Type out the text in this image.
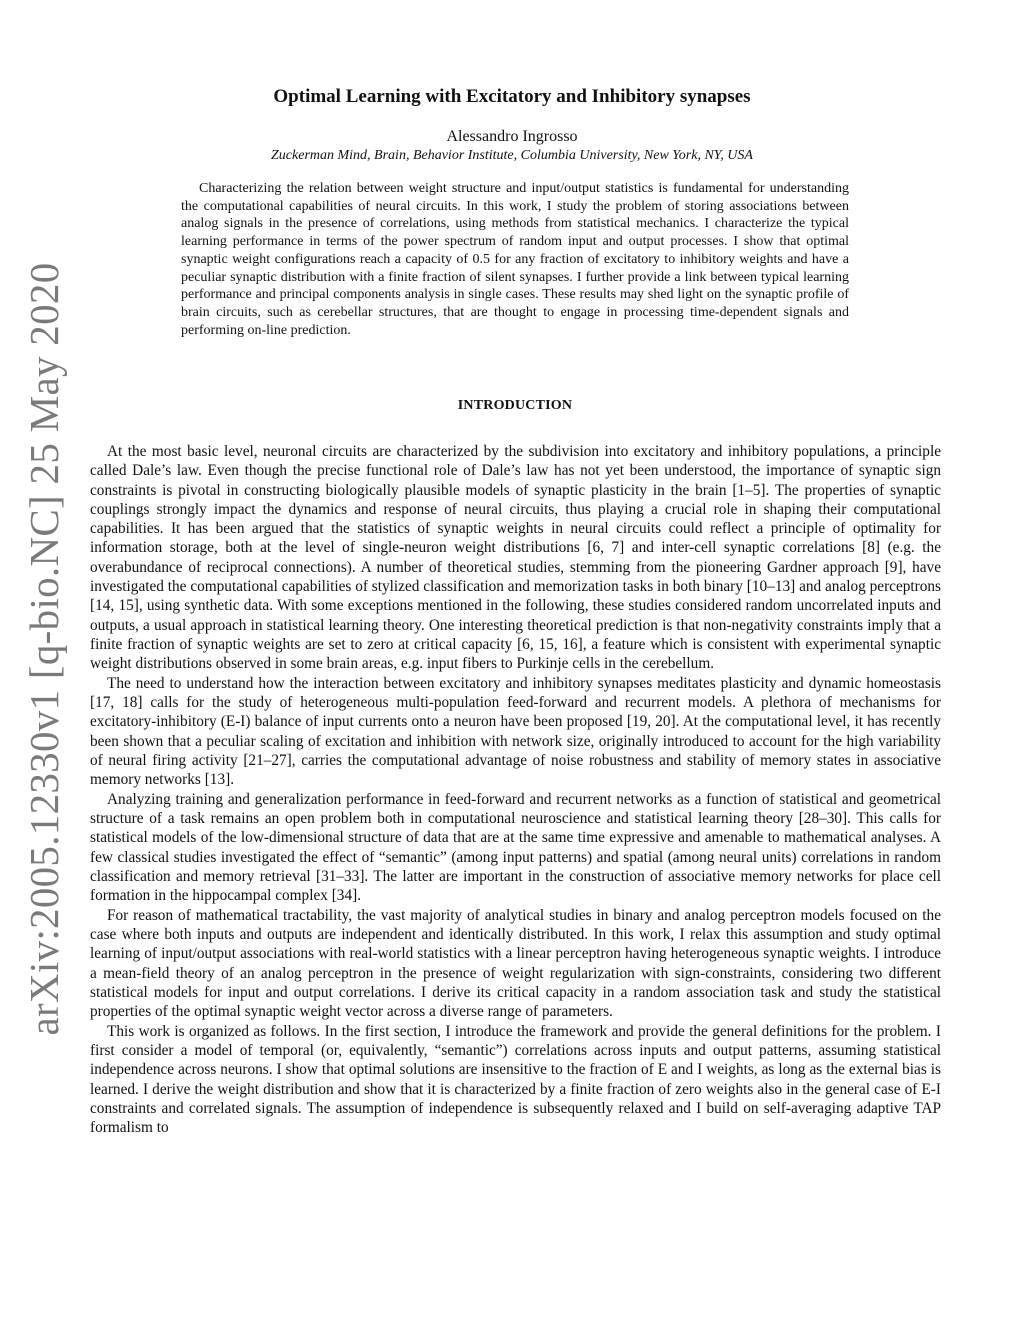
arXiv:2005.12330v1 [q-bio.NC] 25 May 2020
Optimal Learning with Excitatory and Inhibitory synapses
Alessandro Ingrosso
Zuckerman Mind, Brain, Behavior Institute, Columbia University, New York, NY, USA

Characterizing the relation between weight structure and input/output statistics is fundamental for understanding the computational capabilities of neural circuits. In this work, I study the problem of storing associations between analog signals in the presence of correlations, using methods from statistical mechanics. I characterize the typical learning performance in terms of the power spectrum of random input and output processes. I show that optimal synaptic weight configurations reach a capacity of 0.5 for any fraction of excitatory to inhibitory weights and have a peculiar synaptic distribution with a finite fraction of silent synapses. I further provide a link between typical learning performance and principal components analysis in single cases. These results may shed light on the synaptic profile of brain circuits, such as cerebellar structures, that are thought to engage in processing time-dependent signals and performing on-line prediction.

INTRODUCTION

At the most basic level, neuronal circuits are characterized by the subdivision into excitatory and inhibitory populations, a principle called Dale’s law. Even though the precise functional role of Dale’s law has not yet been understood, the importance of synaptic sign constraints is pivotal in constructing biologically plausible models of synaptic plasticity in the brain [1–5]. The properties of synaptic couplings strongly impact the dynamics and response of neural circuits, thus playing a crucial role in shaping their computational capabilities. It has been argued that the statistics of synaptic weights in neural circuits could reflect a principle of optimality for information storage, both at the level of single-neuron weight distributions [6, 7] and inter-cell synaptic correlations [8] (e.g. the overabundance of reciprocal connections). A number of theoretical studies, stemming from the pioneering Gardner approach [9], have investigated the computational capabilities of stylized classification and memorization tasks in both binary [10–13] and analog perceptrons [14, 15], using synthetic data. With some exceptions mentioned in the following, these studies considered random uncorrelated inputs and outputs, a usual approach in statistical learning theory. One interesting theoretical prediction is that non-negativity constraints imply that a finite fraction of synaptic weights are set to zero at critical capacity [6, 15, 16], a feature which is consistent with experimental synaptic weight distributions observed in some brain areas, e.g. input fibers to Purkinje cells in the cerebellum.

The need to understand how the interaction between excitatory and inhibitory synapses meditates plasticity and dynamic homeostasis [17, 18] calls for the study of heterogeneous multi-population feed-forward and recurrent models. A plethora of mechanisms for excitatory-inhibitory (E-I) balance of input currents onto a neuron have been proposed [19, 20]. At the computational level, it has recently been shown that a peculiar scaling of excitation and inhibition with network size, originally introduced to account for the high variability of neural firing activity [21–27], carries the computational advantage of noise robustness and stability of memory states in associative memory networks [13].

Analyzing training and generalization performance in feed-forward and recurrent networks as a function of statistical and geometrical structure of a task remains an open problem both in computational neuroscience and statistical learning theory [28–30]. This calls for statistical models of the low-dimensional structure of data that are at the same time expressive and amenable to mathematical analyses. A few classical studies investigated the effect of “semantic” (among input patterns) and spatial (among neural units) correlations in random classification and memory retrieval [31–33]. The latter are important in the construction of associative memory networks for place cell formation in the hippocampal complex [34].

For reason of mathematical tractability, the vast majority of analytical studies in binary and analog perceptron models focused on the case where both inputs and outputs are independent and identically distributed. In this work, I relax this assumption and study optimal learning of input/output associations with real-world statistics with a linear perceptron having heterogeneous synaptic weights. I introduce a mean-field theory of an analog perceptron in the presence of weight regularization with sign-constraints, considering two different statistical models for input and output correlations. I derive its critical capacity in a random association task and study the statistical properties of the optimal synaptic weight vector across a diverse range of parameters.

This work is organized as follows. In the first section, I introduce the framework and provide the general definitions for the problem. I first consider a model of temporal (or, equivalently, “semantic”) correlations across inputs and output patterns, assuming statistical independence across neurons. I show that optimal solutions are insensitive to the fraction of E and I weights, as long as the external bias is learned. I derive the weight distribution and show that it is characterized by a finite fraction of zero weights also in the general case of E-I constraints and correlated signals. The assumption of independence is subsequently relaxed and I build on self-averaging adaptive TAP formalism to
